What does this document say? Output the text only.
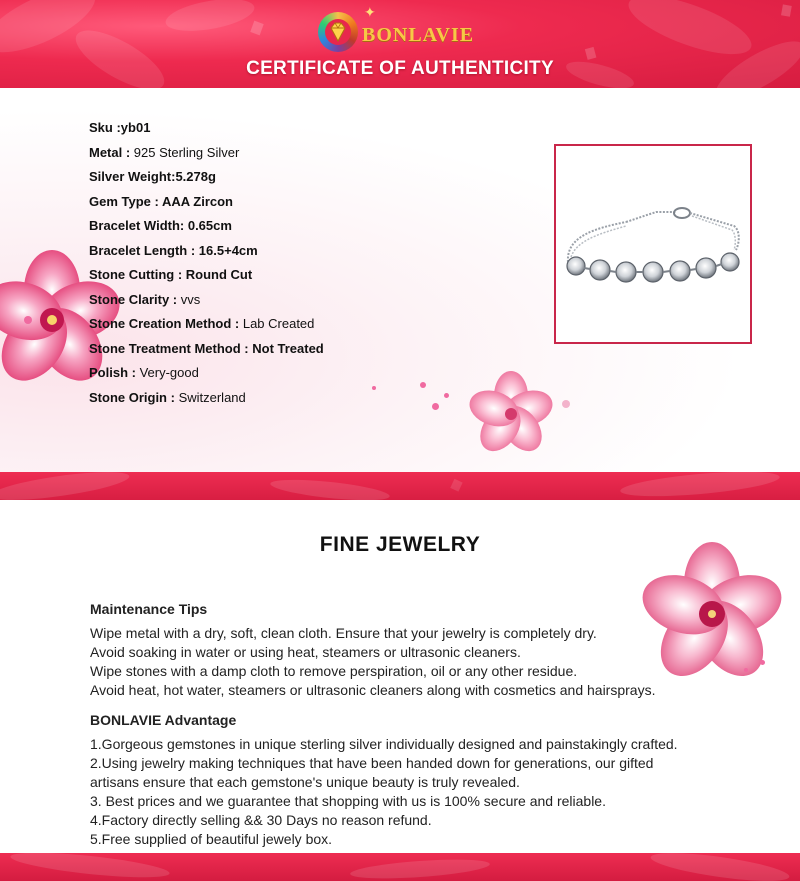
✦
BONLAVIE
CERTIFICATE OF AUTHENTICITY
Sku :yb01
Metal : 925 Sterling Silver
Silver Weight:5.278g
Gem Type : AAA Zircon
Bracelet Width: 0.65cm
Bracelet Length : 16.5+4cm
Stone Cutting : Round Cut
Stone Clarity : vvs
Stone Creation Method : Lab Created
Stone Treatment Method : Not Treated
Polish : Very-good
Stone Origin : Switzerland
FINE JEWELRY
Maintenance Tips
Wipe metal with a dry, soft, clean cloth. Ensure that your jewelry is completely dry.
Avoid soaking in water or using heat, steamers or ultrasonic cleaners.
Wipe stones with a damp cloth to remove perspiration, oil or any other residue.
Avoid heat, hot water, steamers or ultrasonic cleaners along with cosmetics and hairsprays.
BONLAVIE Advantage
1.Gorgeous gemstones in unique sterling silver individually designed and painstakingly crafted.
2.Using jewelry making techniques that have been handed down for generations, our gifted
artisans ensure that each gemstone's unique beauty is truly revealed.
3. Best prices and we guarantee that shopping with us is 100% secure and reliable.
4.Factory directly selling && 30 Days no reason refund.
5.Free supplied of beautiful jewely box.
